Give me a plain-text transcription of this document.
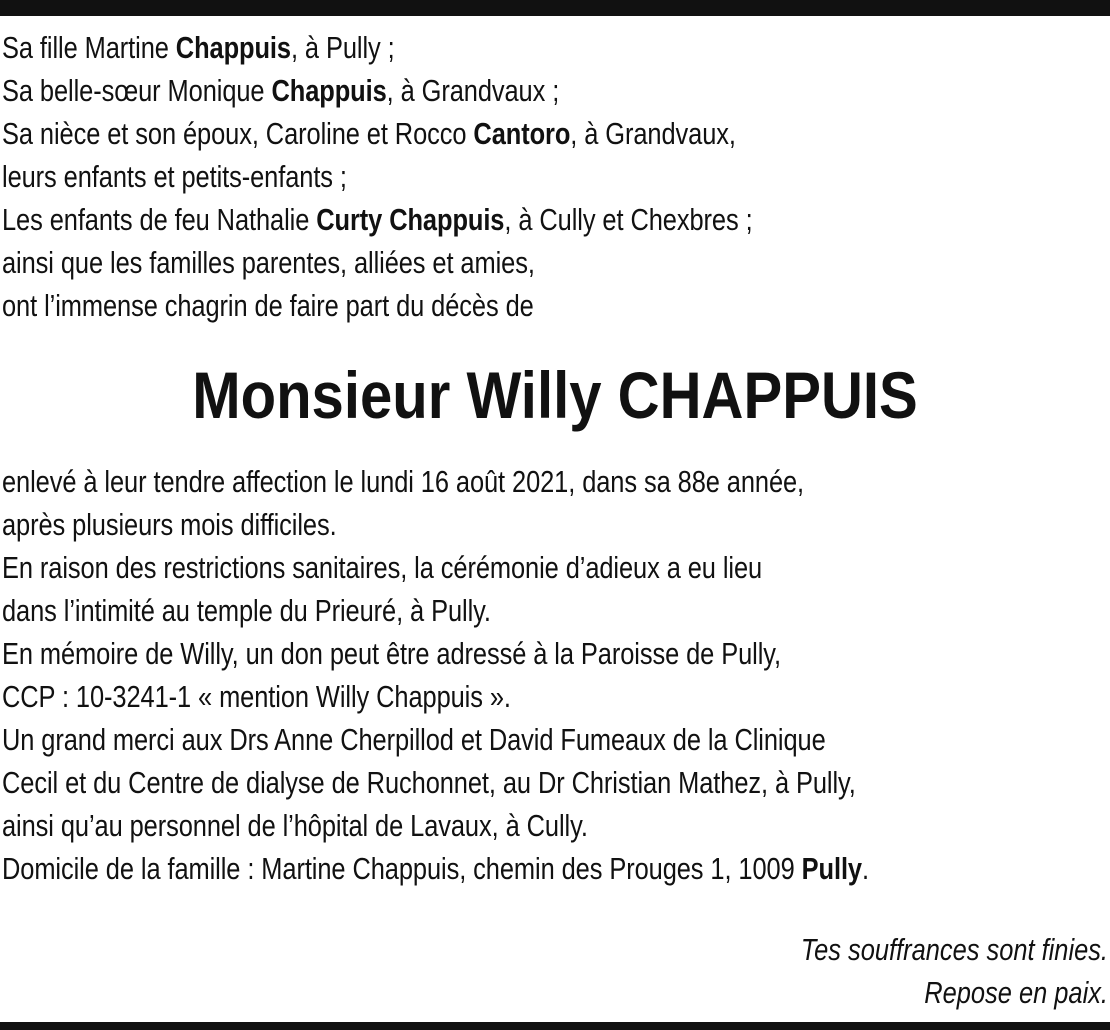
Sa fille Martine Chappuis, à Pully ;
Sa belle-sœur Monique Chappuis, à Grandvaux ;
Sa nièce et son époux, Caroline et Rocco Cantoro, à Grandvaux,
leurs enfants et petits-enfants ;
Les enfants de feu Nathalie Curty Chappuis, à Cully et Chexbres ;
ainsi que les familles parentes, alliées et amies,
ont l’immense chagrin de faire part du décès de
Monsieur Willy CHAPPUIS
enlevé à leur tendre affection le lundi 16 août 2021, dans sa 88e année,
après plusieurs mois difficiles.
En raison des restrictions sanitaires, la cérémonie d’adieux a eu lieu
dans l’intimité au temple du Prieuré, à Pully.
En mémoire de Willy, un don peut être adressé à la Paroisse de Pully,
CCP : 10-3241-1 « mention Willy Chappuis ».
Un grand merci aux Drs Anne Cherpillod et David Fumeaux de la Clinique
Cecil et du Centre de dialyse de Ruchonnet, au Dr Christian Mathez, à Pully,
ainsi qu’au personnel de l’hôpital de Lavaux, à Cully.
Domicile de la famille : Martine Chappuis, chemin des Prouges 1, 1009 Pully.
Tes souffrances sont finies.
Repose en paix.
